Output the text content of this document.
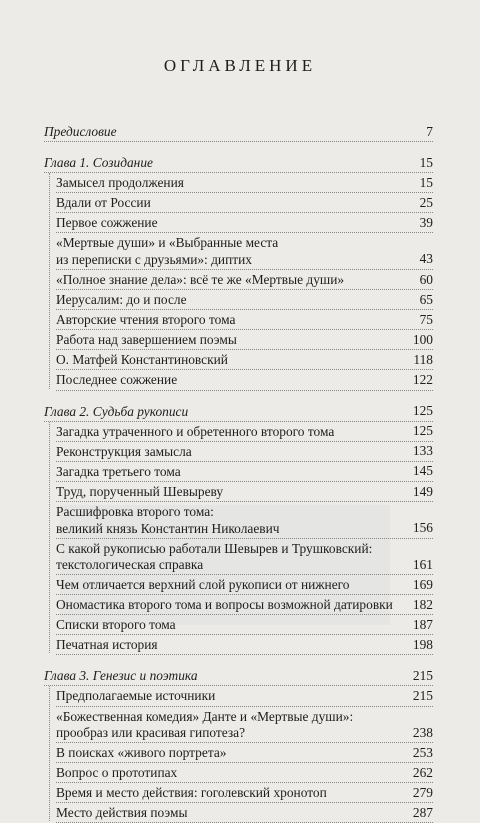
ОГЛАВЛЕНИЕ
Предисловие	7
Глава 1. Созидание	15
Замысел продолжения	15
Вдали от России	25
Первое сожжение	39
«Мертвые души» и «Выбранные места
из переписки с друзьями»: диптих	43
«Полное знание дела»: всё те же «Мертвые души»	60
Иерусалим: до и после	65
Авторские чтения второго тома	75
Работа над завершением поэмы	100
О. Матфей Константиновский	118
Последнее сожжение	122
Глава 2. Судьба рукописи	125
Загадка утраченного и обретенного второго тома	125
Реконструкция замысла	133
Загадка третьего тома	145
Труд, порученный Шевыреву	149
Расшифровка второго тома:
великий князь Константин Николаевич	156
С какой рукописью работали Шевырев и Трушковский:
текстологическая справка	161
Чем отличается верхний слой рукописи от нижнего	169
Ономастика второго тома и вопросы возможной датировки	182
Списки второго тома	187
Печатная история	198
Глава 3. Генезис и поэтика	215
Предполагаемые источники	215
«Божественная комедия» Данте и «Мертвые души»:
прообраз или красивая гипотеза?	238
В поисках «живого портрета»	253
Вопрос о прототипах	262
Время и место действия: гоголевский хронотоп	279
Место действия поэмы	287
